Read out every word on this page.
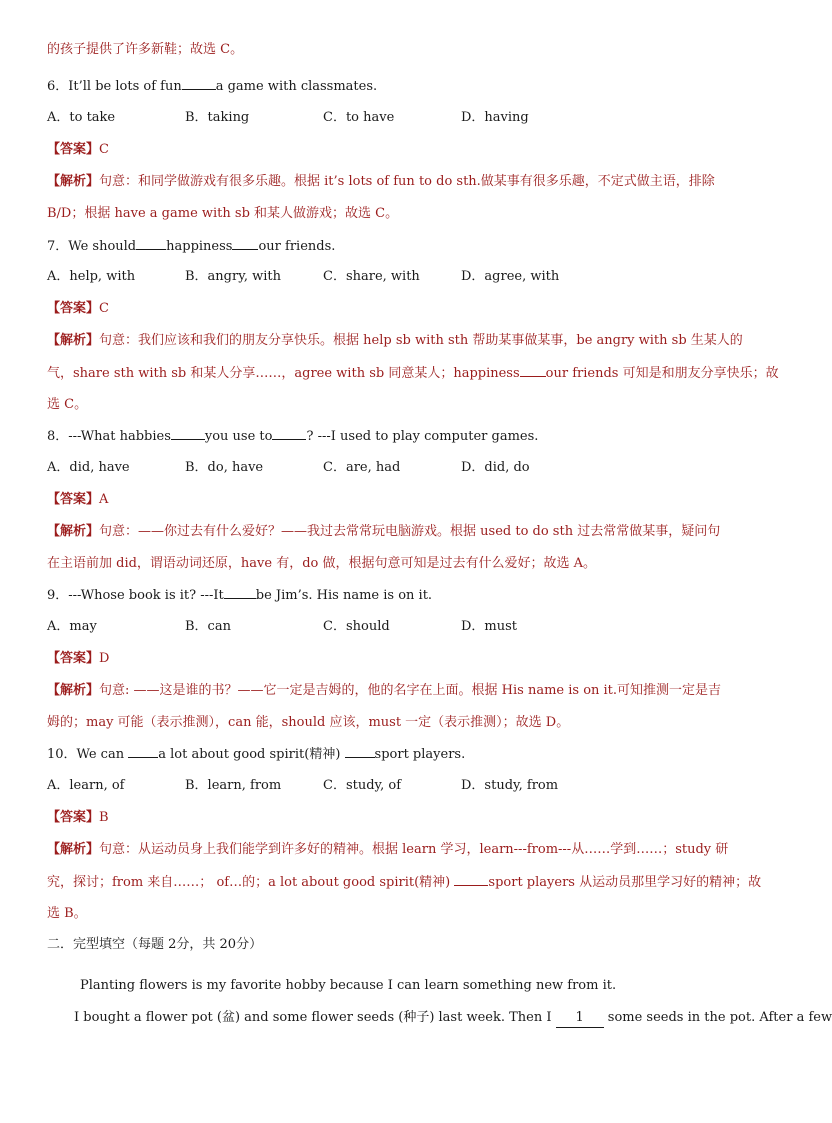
的孩子提供了许多新鞋；故选 C。
6．It’ll be lots of fun	a game with classmates.
A．to take	B．taking	C．to have	D．having
【答案】C
【解析】句意：和同学做游戏有很多乐趣。根据 it’s lots of fun to do sth.做某事有很多乐趣，不定式做主语，排除
B/D；根据 have a game with sb 和某人做游戏；故选 C。
7．We should happiness our friends.
A．help, with	B．angry, with	C．share, with	D．agree, with
【答案】C
【解析】句意：我们应该和我们的朋友分享快乐。根据 help sb with sth 帮助某事做某事，be angry with sb 生某人的
气，share sth with sb 和某人分享……，agree with sb 同意某人；happiness our friends 可知是和朋友分享快乐；故
选 C。
8．---What habbies	you use to	? ---I used to play computer games.
A．did, have	B．do, have	C．are, had	D．did, do
【答案】A
【解析】句意：——你过去有什么爱好？——我过去常常玩电脑游戏。根据 used to do sth 过去常常做某事，疑问句
在主语前加 did，谓语动词还原，have 有，do 做，根据句意可知是过去有什么爱好；故选 A。
9．---Whose book is it? ---It be Jim’s. His name is on it.
A．may	B．can	C．should	D．must
【答案】D
【解析】句意: ——这是谁的书？——它一定是吉姆的，他的名字在上面。根据 His name is on it.可知推测一定是吉
姆的；may 可能（表示推测），can 能，should 应该，must 一定（表示推测）；故选 D。
10．We can	a lot about good spirit(精神)	sport players.
A．learn, of	B．learn, from	C．study, of	D．study, from
【答案】B
【解析】句意：从运动员身上我们能学到许多好的精神。根据 learn 学习，learn---from---从……学到……；study 研
究，探讨；from 来自……； of…的；a lot about good spirit(精神)	sport players 从运动员那里学习好的精神；故
选 B。
二．完型填空（每题 2分，共 20分）
Planting flowers is my favorite hobby because I can learn something new from it.
I bought a flower pot (盆) and some flower seeds (种子) last week. Then I 1 some seeds in the pot. After a few
